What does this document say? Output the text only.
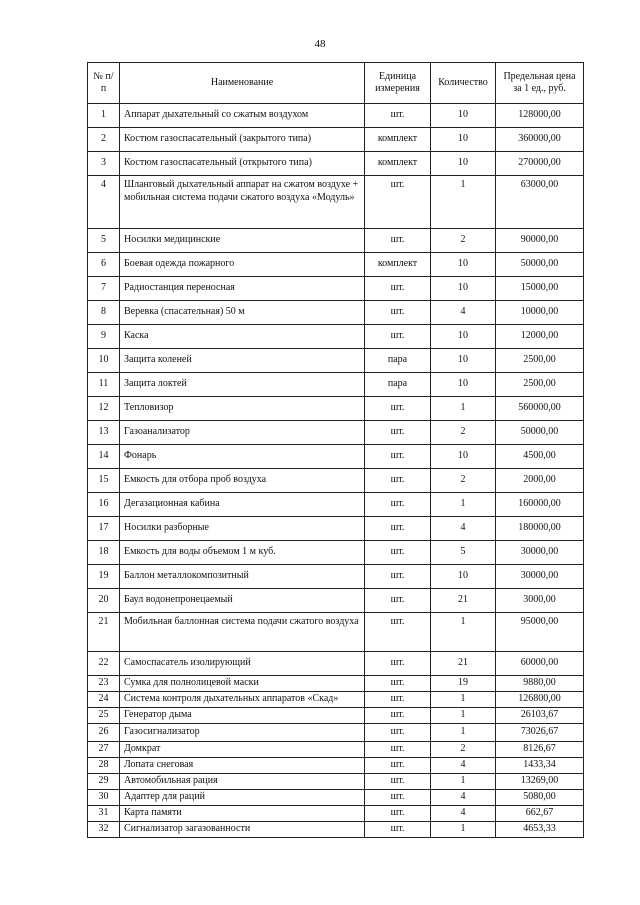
48
№ п/п	Наименование	Единица измерения	Количество	Предельная цена за 1 ед., руб.
1	Аппарат дыхательный со сжатым воздухом	шт.	10	128000,00
2	Костюм газоспасательный (закрытого типа)	комплект	10	360000,00
3	Костюм газоспасательный (открытого типа)	комплект	10	270000,00
4	Шланговый дыхательный аппарат на сжатом воздухе + мобильная система подачи сжатого воздуха «Модуль»	шт.	1	63000,00
5	Носилки медицинские	шт.	2	90000,00
6	Боевая одежда пожарного	комплект	10	50000,00
7	Радиостанция переносная	шт.	10	15000,00
8	Веревка (спасательная) 50 м	шт.	4	10000,00
9	Каска	шт.	10	12000,00
10	Защита коленей	пара	10	2500,00
11	Защита локтей	пара	10	2500,00
12	Тепловизор	шт.	1	560000,00
13	Газоанализатор	шт.	2	50000,00
14	Фонарь	шт.	10	4500,00
15	Емкость для отбора проб воздуха	шт.	2	2000,00
16	Дегазационная кабина	шт.	1	160000,00
17	Носилки разборные	шт.	4	180000,00
18	Емкость для воды объемом 1 м куб.	шт.	5	30000,00
19	Баллон металлокомпозитный	шт.	10	30000,00
20	Баул водонепронецаемый	шт.	21	3000,00
21	Мобильная баллонная система подачи сжатого воздуха	шт.	1	95000,00
22	Самоспасатель изолирующий	шт.	21	60000,00
23	Сумка для полнолицевой маски	шт.	19	9880,00
24	Система контроля дыхательных аппаратов «Скад»	шт.	1	126800,00
25	Генератор дыма	шт.	1	26103,67
26	Газосигнализатор	шт.	1	73026,67
27	Домкрат	шт.	2	8126,67
28	Лопата снеговая	шт.	4	1433,34
29	Автомобильная рация	шт.	1	13269,00
30	Адаптер для раций	шт.	4	5080,00
31	Карта памяти	шт.	4	662,67
32	Сигнализатор загазованности	шт.	1	4653,33
